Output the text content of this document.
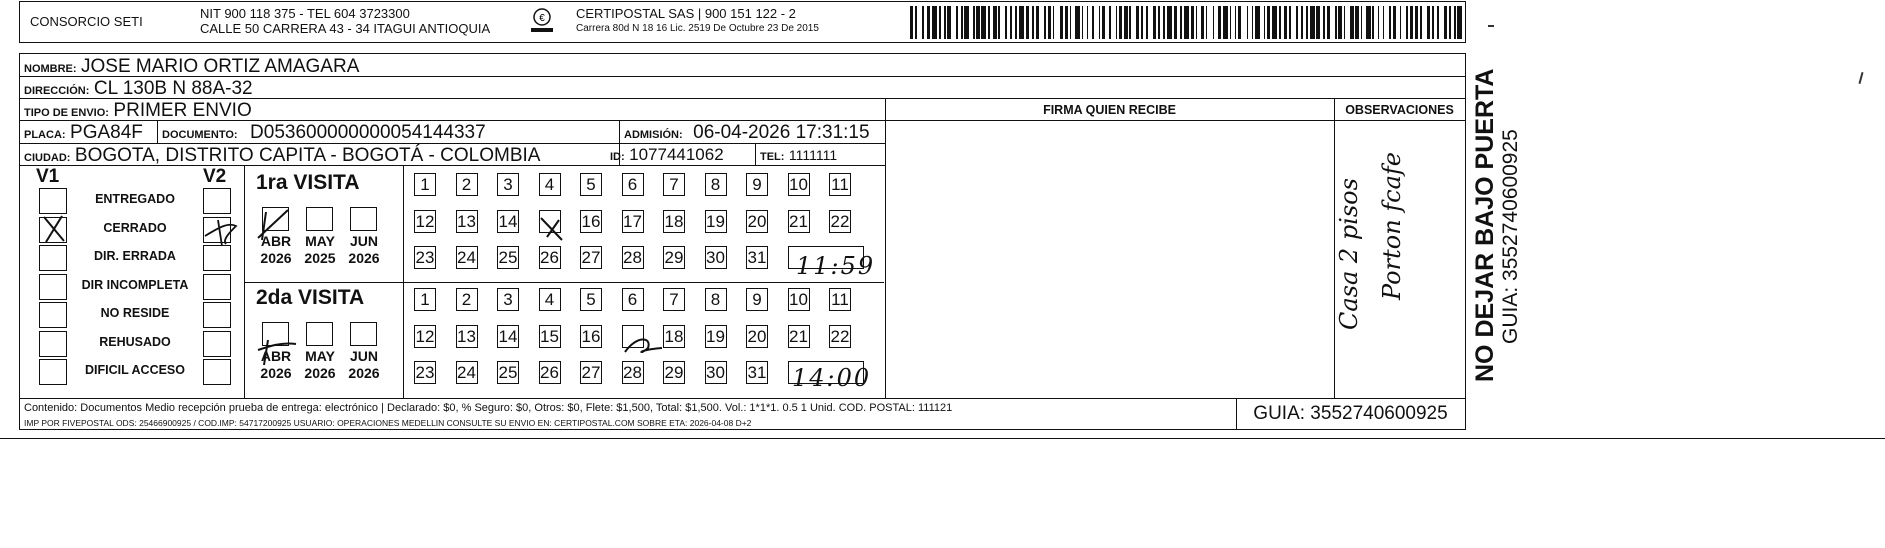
CONSORCIO SETI
NIT 900 118 375 - TEL 604 3723300
CALLE 50 CARRERA 43 - 34 ITAGUI ANTIOQUIA
€ CERTIPOSTAL SAS | 900 151 122 - 2
Carrera 80d N 18 16 Lic. 2519 De Octubre 23 De 2015
NOMBRE: JOSE MARIO ORTIZ AMAGARA
DIRECCIÓN: CL 130B N 88A-32
TIPO DE ENVIO: PRIMER ENVIO
PLACA: PGA84F DOCUMENTO: D053600000000054144337	ADMISIÓN: 06-04-2026 17:31:15
CIUDAD: BOGOTA, DISTRITO CAPITA - BOGOTÁ - COLOMBIA	ID: 1077441062	TEL: 1111111
FIRMA QUIEN RECIBE	OBSERVACIONES
V1	V2
ENTREGADO
CERRADO
DIR. ERRADA
DIR INCOMPLETA
NO RESIDE
REHUSADO
DIFICIL ACCESO
1ra VISITA
2da VISITA
ABR
2026
MAY
2025
JUN
2026
ABR
2026
MAY
2026
JUN
2026
1	2	3	4	5	6	7	8	9	10 11
12 13 14	16 17 18 19 20 21 22
23 24 25 26 27 28 29 30 31
1	2	3	4	5	6	7	8	9	10 11
12 13 14 15 16	18 19 20 21 22
23 24 25 26 27 28 29 30 31
11:59
14:00
Casa 2 pisos Porton fcafe
Contenido: Documentos Medio recepción prueba de entrega: electrónico | Declarado: $0, % Seguro: $0, Otros: $0, Flete: $1,500, Total: $1,500. Vol.: 1*1*1. 0.5 1 Unid. COD. POSTAL: 111121
IMP POR FIVEPOSTAL ODS: 25466900925 / COD.IMP: 54717200925 USUARIO: OPERACIONES MEDELLIN CONSULTE SU ENVIO EN: CERTIPOSTAL.COM SOBRE ETA: 2026-04-08 D+2	GUIA: 3552740600925
NO DEJAR BAJO PUERTA GUIA: 3552740600925
